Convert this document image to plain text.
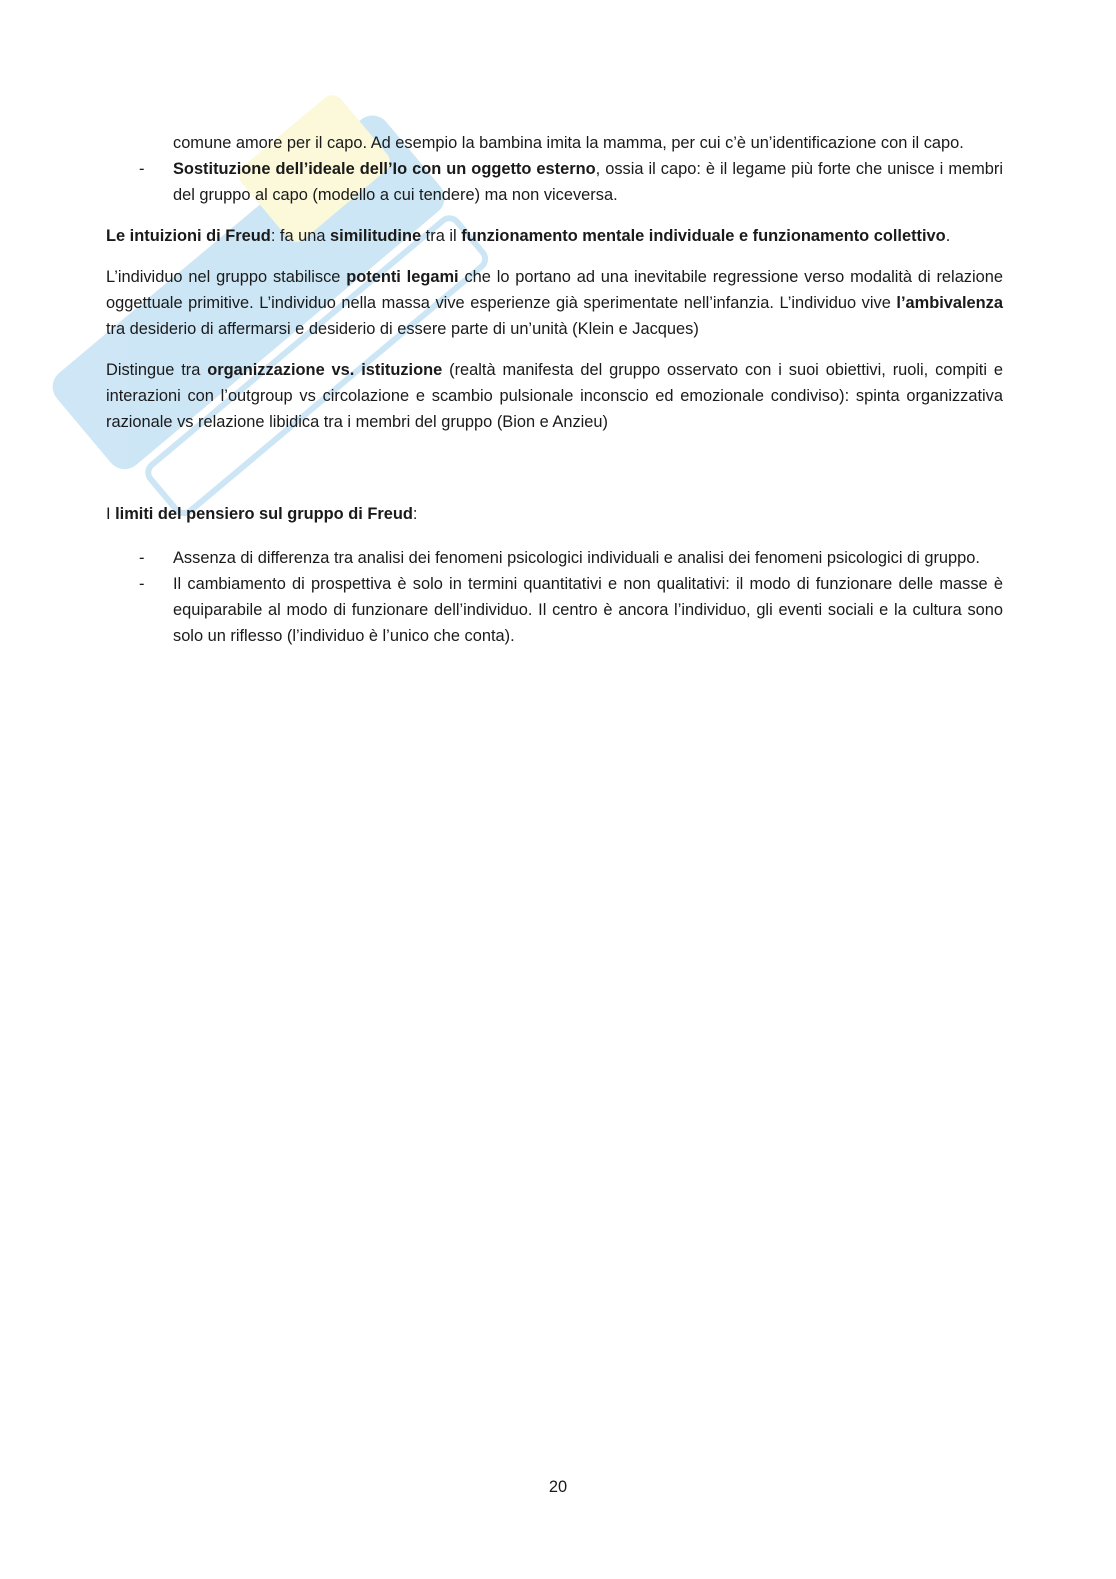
comune amore per il capo. Ad esempio la bambina imita la mamma, per cui c’è un’identificazione con il capo.

- Sostituzione dell’ideale dell’Io con un oggetto esterno, ossia il capo: è il legame più forte che unisce i membri del gruppo al capo (modello a cui tendere) ma non viceversa.

Le intuizioni di Freud: fa una similitudine tra il funzionamento mentale individuale e funzionamento collettivo.

L’individuo nel gruppo stabilisce potenti legami che lo portano ad una inevitabile regressione verso modalità di relazione oggettuale primitive. L’individuo nella massa vive esperienze già sperimentate nell’infanzia. L’individuo vive l’ambivalenza tra desiderio di affermarsi e desiderio di essere parte di un’unità (Klein e Jacques)

Distingue tra organizzazione vs. istituzione (realtà manifesta del gruppo osservato con i suoi obiettivi, ruoli, compiti e interazioni con l’outgroup vs circolazione e scambio pulsionale inconscio ed emozionale condiviso): spinta organizzativa razionale vs relazione libidica tra i membri del gruppo (Bion e Anzieu)

I limiti del pensiero sul gruppo di Freud:

- Assenza di differenza tra analisi dei fenomeni psicologici individuali e analisi dei fenomeni psicologici di gruppo.
- Il cambiamento di prospettiva è solo in termini quantitativi e non qualitativi: il modo di funzionare delle masse è equiparabile al modo di funzionare dell’individuo. Il centro è ancora l’individuo, gli eventi sociali e la cultura sono solo un riflesso (l’individuo è l’unico che conta).
20
